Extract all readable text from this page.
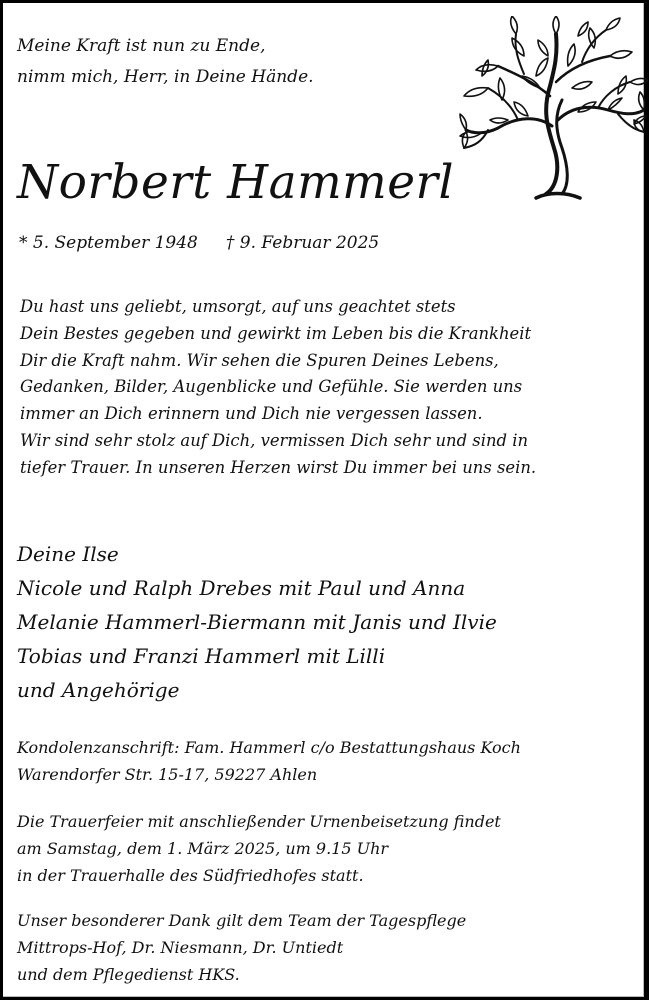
Meine Kraft ist nun zu Ende,
nimm mich, Herr, in Deine Hände.
Norbert Hammerl
* 5. September 1948 † 9. Februar 2025
Du hast uns geliebt, umsorgt, auf uns geachtet stets
Dein Bestes gegeben und gewirkt im Leben bis die Krankheit
Dir die Kraft nahm. Wir sehen die Spuren Deines Lebens,
Gedanken, Bilder, Augenblicke und Gefühle. Sie werden uns
immer an Dich erinnern und Dich nie vergessen lassen.
Wir sind sehr stolz auf Dich, vermissen Dich sehr und sind in
tiefer Trauer. In unseren Herzen wirst Du immer bei uns sein.
Deine Ilse
Nicole und Ralph Drebes mit Paul und Anna
Melanie Hammerl-Biermann mit Janis und Ilvie
Tobias und Franzi Hammerl mit Lilli
und Angehörige
Kondolenzanschrift: Fam. Hammerl c/o Bestattungshaus Koch
Warendorfer Str. 15-17, 59227 Ahlen
Die Trauerfeier mit anschließender Urnenbeisetzung findet
am Samstag, dem 1. März 2025, um 9.15 Uhr
in der Trauerhalle des Südfriedhofes statt.
Unser besonderer Dank gilt dem Team der Tagespflege
Mittrops-Hof, Dr. Niesmann, Dr. Untiedt
und dem Pflegedienst HKS.
